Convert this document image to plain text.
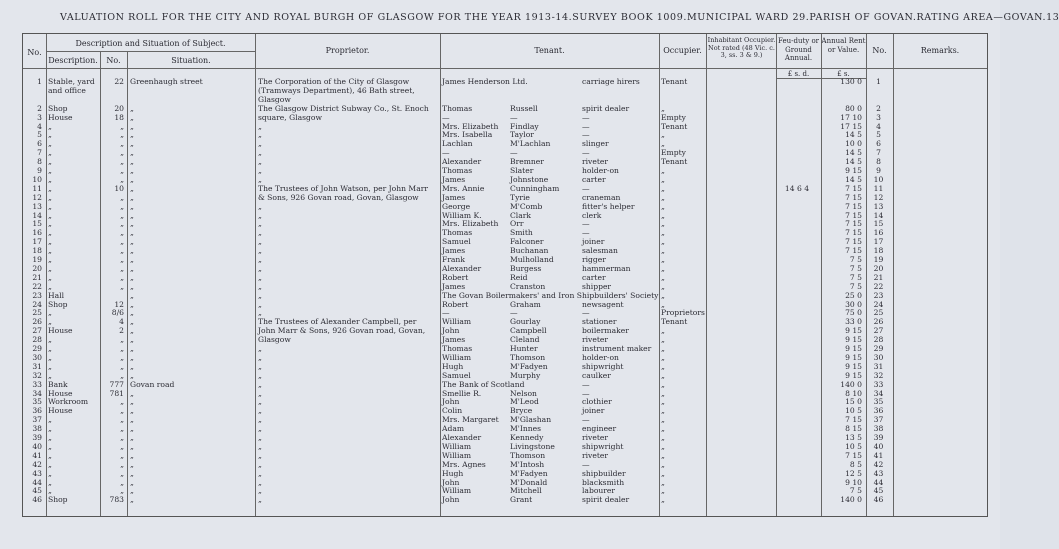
VALUATION ROLL FOR THE CITY AND ROYAL BURGH OF GLASGOW FOR THE YEAR 1913-14. SURVEY BOOK 1009. MUNICIPAL WARD 29. PARISH OF GOVAN. RATING AREA—GOVAN. 13
No.
Description and Situation of Subject.
Description.	No.	Situation.
Proprietor.	Tenant.	Occupier.
Inhabitant Occupier. Not rated (48 Vic. c. 3, ss. 3 & 9.)
Feu-duty or Ground Annual.
Annual Rent or Value.	No.	Remarks.
£ s. d.	£ s.
1 Stable, yard	22 Greenhaugh street	The Corporation of the City of Glasgow	James Henderson Ltd.	carriage hirers	Tenant	130 0	1
and office	(Tramways Department), 46 Bath street,
Glasgow
2 Shop	20 „	The Glasgow District Subway Co., St. Enoch	Thomas	Russell	spirit dealer	„	80 0	2
3 House	18 „	square, Glasgow	—	—	—	Empty	17 10	3
4 „	„ „	„	Mrs. Elizabeth	Findlay	—	Tenant	17 15	4
5 „	„ „	„	Mrs. Isabella	Taylor	—	„	14 5	5
6 „	„ „	„	Lachlan	M'Lachlan	slinger	„	10 0	6
7 „	„ „	„	—	—	—	Empty	14 5	7
8 „	„ „	„	Alexander	Bremner	riveter	Tenant	14 5	8
9 „	„ „	„	Thomas	Slater	holder-on	„	9 15	9
10 „	„ „	„	James	Johnstone	carter	„	14 5	10
11 „	10 „	The Trustees of John Watson, per John Marr	Mrs. Annie	Cunningham	—	„	14 6 4	7 15	11
12 „	„ „	& Sons, 926 Govan road, Govan, Glasgow	James	Tyrie	craneman	„	7 15	12
13 „	„ „	„	George	M'Comb	fitter's helper	„	7 15	13
14 „	„ „	„	William K.	Clark	clerk	„	7 15	14
15 „	„ „	„	Mrs. Elizabeth	Orr	—	„	7 15	15
16 „	„ „	„	Thomas	Smith	—	„	7 15	16
17 „	„ „	„	Samuel	Falconer	joiner	„	7 15	17
18 „	„ „	„	James	Buchanan	salesman	„	7 15	18
19 „	„ „	„	Frank	Mulholland	rigger	„	7 5	19
20 „	„ „	„	Alexander	Burgess	hammerman	„	7 5	20
21 „	„ „	„	Robert	Reid	carter	„	7 5	21
22 „	„ „	„	James	Cranston	shipper	„	7 5	22
23 Hall	„	„	The Govan Boilermakers' and Iron Shipbuilders' Society „	25 0	23
24 Shop	12 „	„	Robert	Graham	newsagent	„	30 0	24
25 „	8/6 „	„	—	—	—	Proprietors	75 0	25
26 „	4 „	The Trustees of Alexander Campbell, per	William	Gourlay	stationer	Tenant	33 0	26
27 House	2 „	John Marr & Sons, 926 Govan road, Govan,	John	Campbell	boilermaker	„	9 15	27
28 „	„ „	Glasgow	James	Cleland	riveter	„	9 15	28
29 „	„ „	„	Thomas	Hunter	instrument maker	„	9 15	29
30 „	„ „	„	William	Thomson	holder-on	„	9 15	30
31 „	„ „	„	Hugh	M'Fadyen	shipwright	„	9 15	31
32 „	„ „	„	Samuel	Murphy	caulker	„	9 15	32
33 Bank	777 Govan road	„	The Bank of Scotland	—	„	140 0	33
34 House	781 „	„	Smellie R.	Nelson	—	„	8 10	34
35 Workroom	„ „	„	John	M'Leod	clothier	„	15 0	35
36 House	„ „	„	Colin	Bryce	joiner	„	10 5	36
37 „	„ „	„	Mrs. Margaret	M'Glashan	—	„	7 15	37
38 „	„ „	„	Adam	M'Innes	engineer	„	8 15	38
39 „	„ „	„	Alexander	Kennedy	riveter	„	13 5	39
40 „	„ „	„	William	Livingstone	shipwright	„	10 5	40
41 „	„ „	„	William	Thomson	riveter	„	7 15	41
42 „	„ „	„	Mrs. Agnes	M'Intosh	—	„	8 5	42
43 „	„ „	„	Hugh	M'Fadyen	shipbuilder	„	12 5	43
44 „	„ „	„	John	M'Donald	blacksmith	„	9 10	44
45 „	„ „	„	William	Mitchell	labourer	„	7 5	45
46 Shop	783 „	„	John	Grant	spirit dealer	„	140 0	46
